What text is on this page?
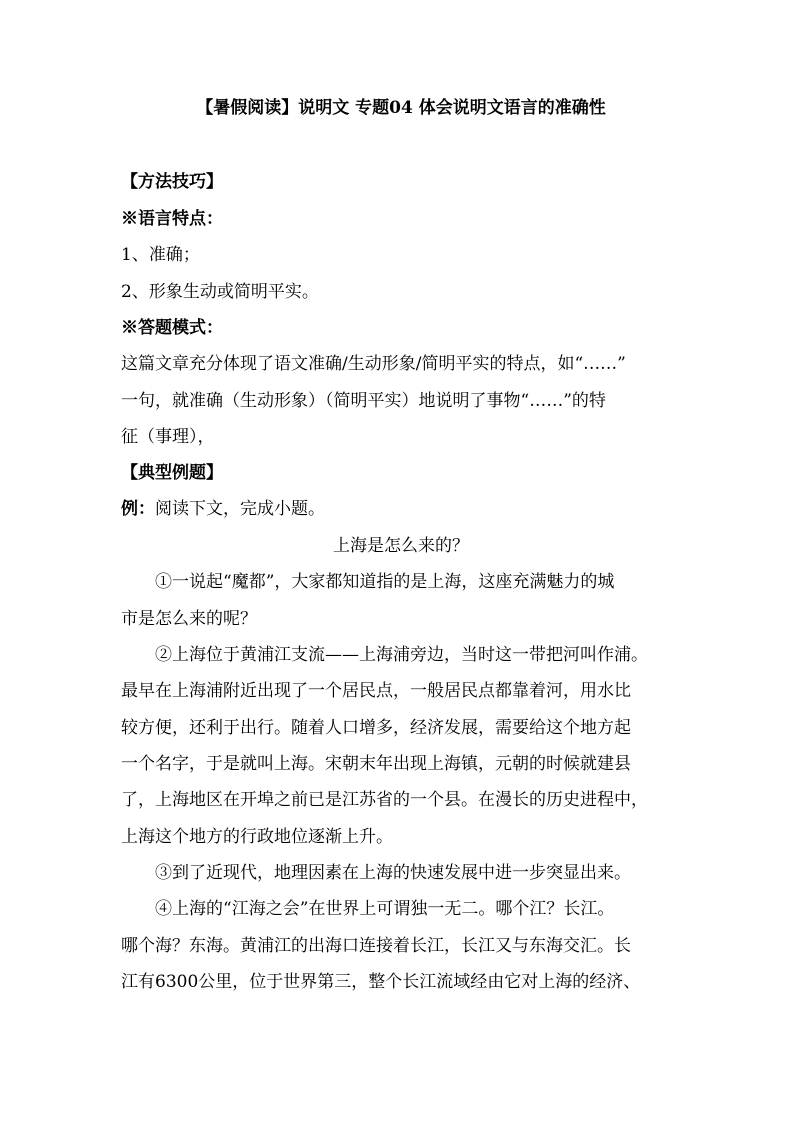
【暑假阅读】说明文 专题04 体会说明文语言的准确性
【方法技巧】
※语言特点：
1、准确；
2、形象生动或简明平实。
※答题模式：
这篇文章充分体现了语文准确/生动形象/简明平实的特点，如“……”
一句，就准确（生动形象）（简明平实）地说明了事物“……”的特
征（事理），
【典型例题】
例：阅读下文，完成小题。
上海是怎么来的？
①一说起“魔都”，大家都知道指的是上海，这座充满魅力的城
市是怎么来的呢？
②上海位于黄浦江支流——上海浦旁边，当时这一带把河叫作浦。
最早在上海浦附近出现了一个居民点，一般居民点都靠着河，用水比
较方便，还利于出行。随着人口增多，经济发展，需要给这个地方起
一个名字，于是就叫上海。宋朝末年出现上海镇，元朝的时候就建县
了，上海地区在开埠之前已是江苏省的一个县。在漫长的历史进程中，
上海这个地方的行政地位逐渐上升。
③到了近现代，地理因素在上海的快速发展中进一步突显出来。
④上海的“江海之会”在世界上可谓独一无二。哪个江？长江。
哪个海？东海。黄浦江的出海口连接着长江，长江又与东海交汇。长
江有6300公里，位于世界第三，整个长江流域经由它对上海的经济、
